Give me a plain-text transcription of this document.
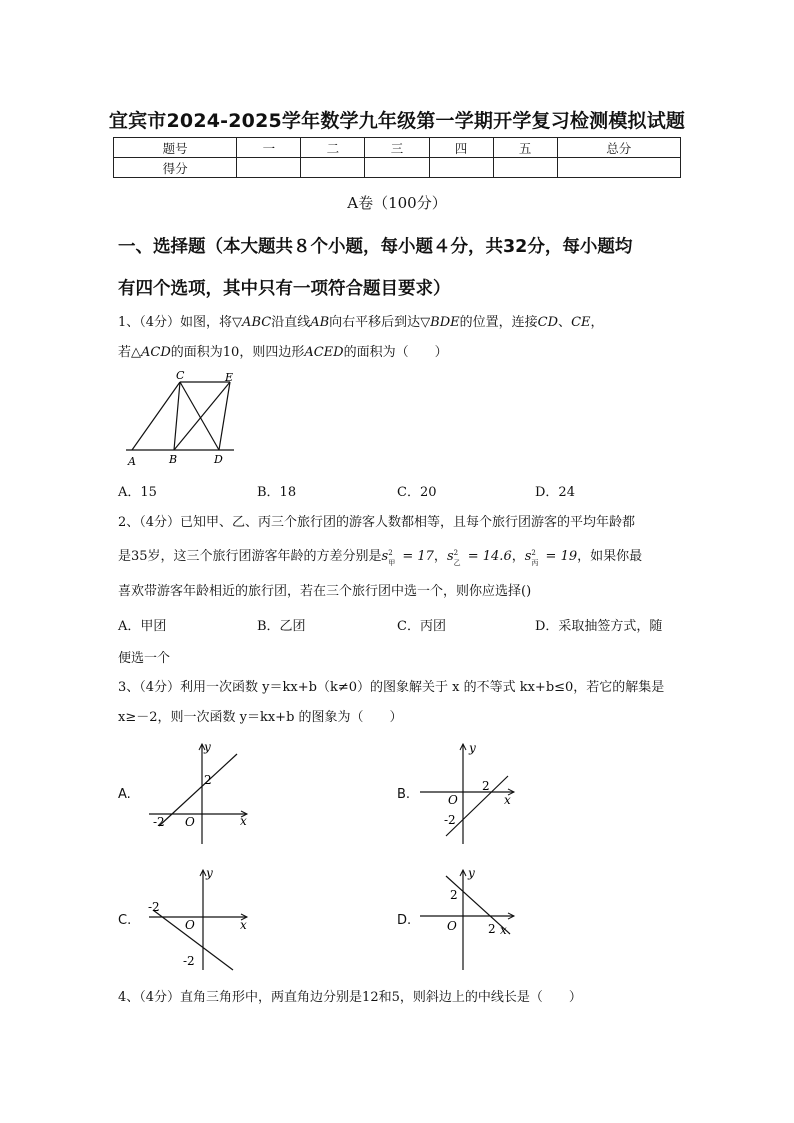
宜宾市2024-2025学年数学九年级第一学期开学复习检测模拟试题
题号	一	二	三	四	五	总分
得分						
A卷（100分）
一、选择题（本大题共８个小题，每小题４分，共32分，每小题均
有四个选项，其中只有一项符合题目要求）
1、（4分）如图，将▽ABC沿直线AB向右平移后到达▽BDE的位置，连接CD、CE，
若△ACD的面积为10，则四边形ACED的面积为（　　）
C	E
A	B	D
A．15	B．18	C．20	D．24
2、（4分）已知甲、乙、丙三个旅行团的游客人数都相等，且每个旅行团游客的平均年龄都
是35岁，这三个旅行团游客年龄的方差分别是s 2
甲 = 17，s 2
乙 = 14.6，s 2
丙 = 19，如果你最
喜欢带游客年龄相近的旅行团，若在三个旅行团中选一个，则你应选择()
A．甲团	B．乙团	C．丙团	D．采取抽签方式，随
便选一个
3、（4分）利用一次函数 y＝kx+b（k≠0）的图象解关于 x 的不等式 kx+b≤0，若它的解集是
x≥－2，则一次函数 y＝kx+b 的图象为（　　）
A.
y
x
O
2
-2
B.
y
x
O
2
-2
C.
y
x
O
-2
-2
D.
y
x
O
2
2
4、（4分）直角三角形中，两直角边分别是12和5，则斜边上的中线长是（　　）
